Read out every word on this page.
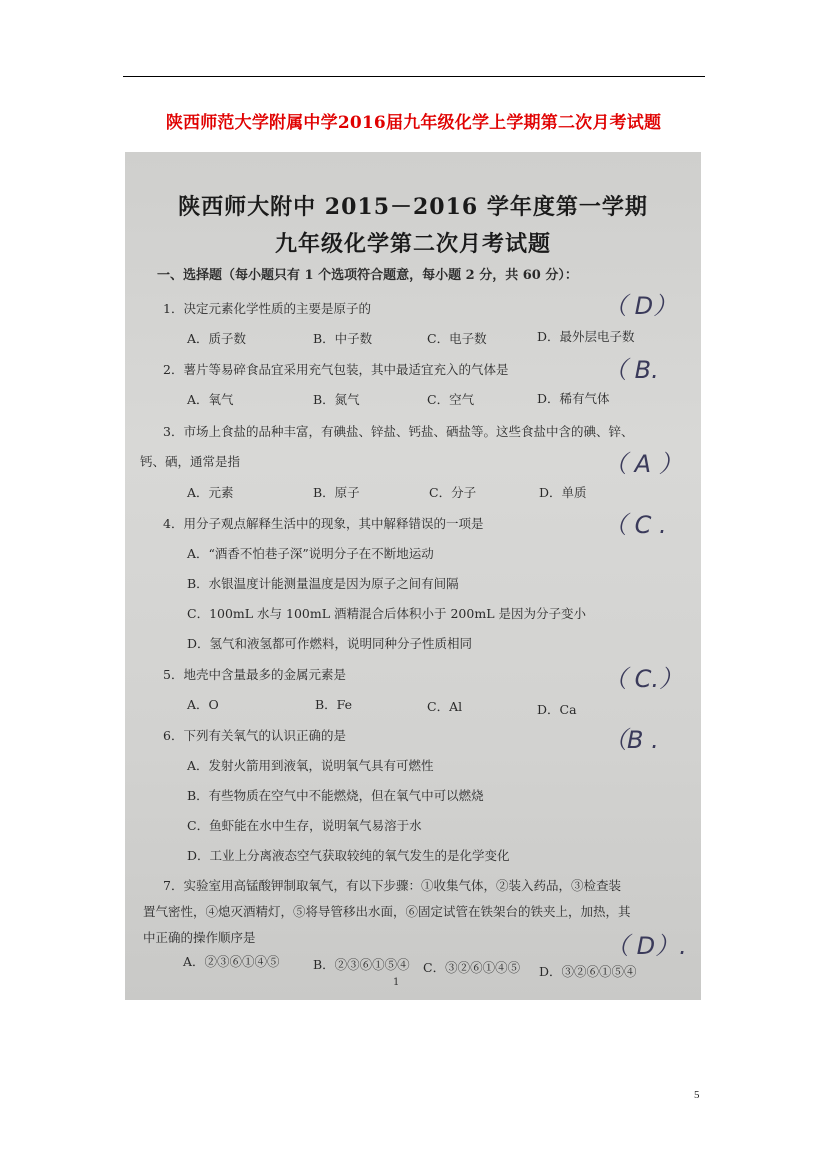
陕西师范大学附属中学2016届九年级化学上学期第二次月考试题
陕西师大附中 2015－2016 学年度第一学期
九年级化学第二次月考试题
一、选择题（每小题只有 1 个选项符合题意，每小题 2 分，共 60 分）：
1．决定元素化学性质的主要是原子的	（ D）
A．质子数	B．中子数	C．电子数	D．最外层电子数
2．薯片等易碎食品宜采用充气包装，其中最适宜充入的气体是	（ B.
A．氧气	B．氮气	C．空气	D．稀有气体
3．市场上食盐的品种丰富，有碘盐、锌盐、钙盐、硒盐等。这些食盐中含的碘、锌、
钙、硒，通常是指	（ A ）
A．元素	B．原子	C．分子	D．单质
4．用分子观点解释生活中的现象，其中解释错误的一项是	（ C .
A．“酒香不怕巷子深”说明分子在不断地运动
B．水银温度计能测量温度是因为原子之间有间隔
C．100mL 水与 100mL 酒精混合后体积小于 200mL 是因为分子变小
D．氢气和液氢都可作燃料，说明同种分子性质相同
5．地壳中含量最多的金属元素是	（ C.）
A．O	B．Fe	C．Al	D．Ca
6．下列有关氧气的认识正确的是	（B .
A．发射火箭用到液氧，说明氧气具有可燃性
B．有些物质在空气中不能燃烧，但在氧气中可以燃烧
C．鱼虾能在水中生存，说明氧气易溶于水
D．工业上分离液态空气获取较纯的氧气发生的是化学变化
7．实验室用高锰酸钾制取氧气，有以下步骤：①收集气体，②装入药品，③检查装
置气密性，④熄灭酒精灯，⑤将导管移出水面，⑥固定试管在铁架台的铁夹上，加热，其
中正确的操作顺序是	（ D）.
A．②③⑥①④⑤	B．②③⑥①⑤④ C．③②⑥①④⑤ D．③②⑥①⑤④
1
5
